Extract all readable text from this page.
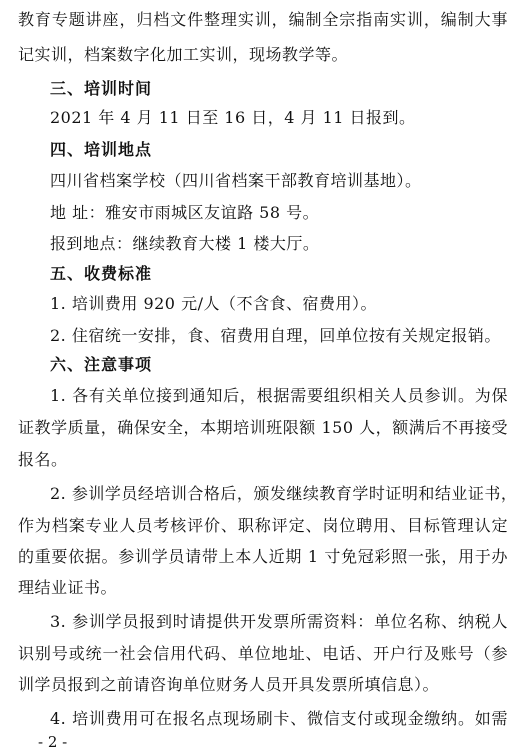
教育专题讲座，归档文件整理实训，编制全宗指南实训，编制大事
记实训，档案数字化加工实训，现场教学等。
三、培训时间
2021 年 4 月 11 日至 16 日，4 月 11 日报到。
四、培训地点
四川省档案学校（四川省档案干部教育培训基地）。
地 址：雅安市雨城区友谊路 58 号。
报到地点：继续教育大楼 1 楼大厅。
五、收费标准
1. 培训费用 920 元/人（不含食、宿费用）。
2. 住宿统一安排，食、宿费用自理，回单位按有关规定报销。
六、注意事项
1. 各有关单位接到通知后，根据需要组织相关人员参训。为保
证教学质量，确保安全，本期培训班限额 150 人，额满后不再接受
报名。
2. 参训学员经培训合格后，颁发继续教育学时证明和结业证书，
作为档案专业人员考核评价、职称评定、岗位聘用、目标管理认定
的重要依据。参训学员请带上本人近期 1 寸免冠彩照一张，用于办
理结业证书。
3. 参训学员报到时请提供开发票所需资料：单位名称、纳税人
识别号或统一社会信用代码、单位地址、电话、开户行及账号（参
训学员报到之前请咨询单位财务人员开具发票所填信息）。
4. 培训费用可在报名点现场刷卡、微信支付或现金缴纳。如需
- 2 -
